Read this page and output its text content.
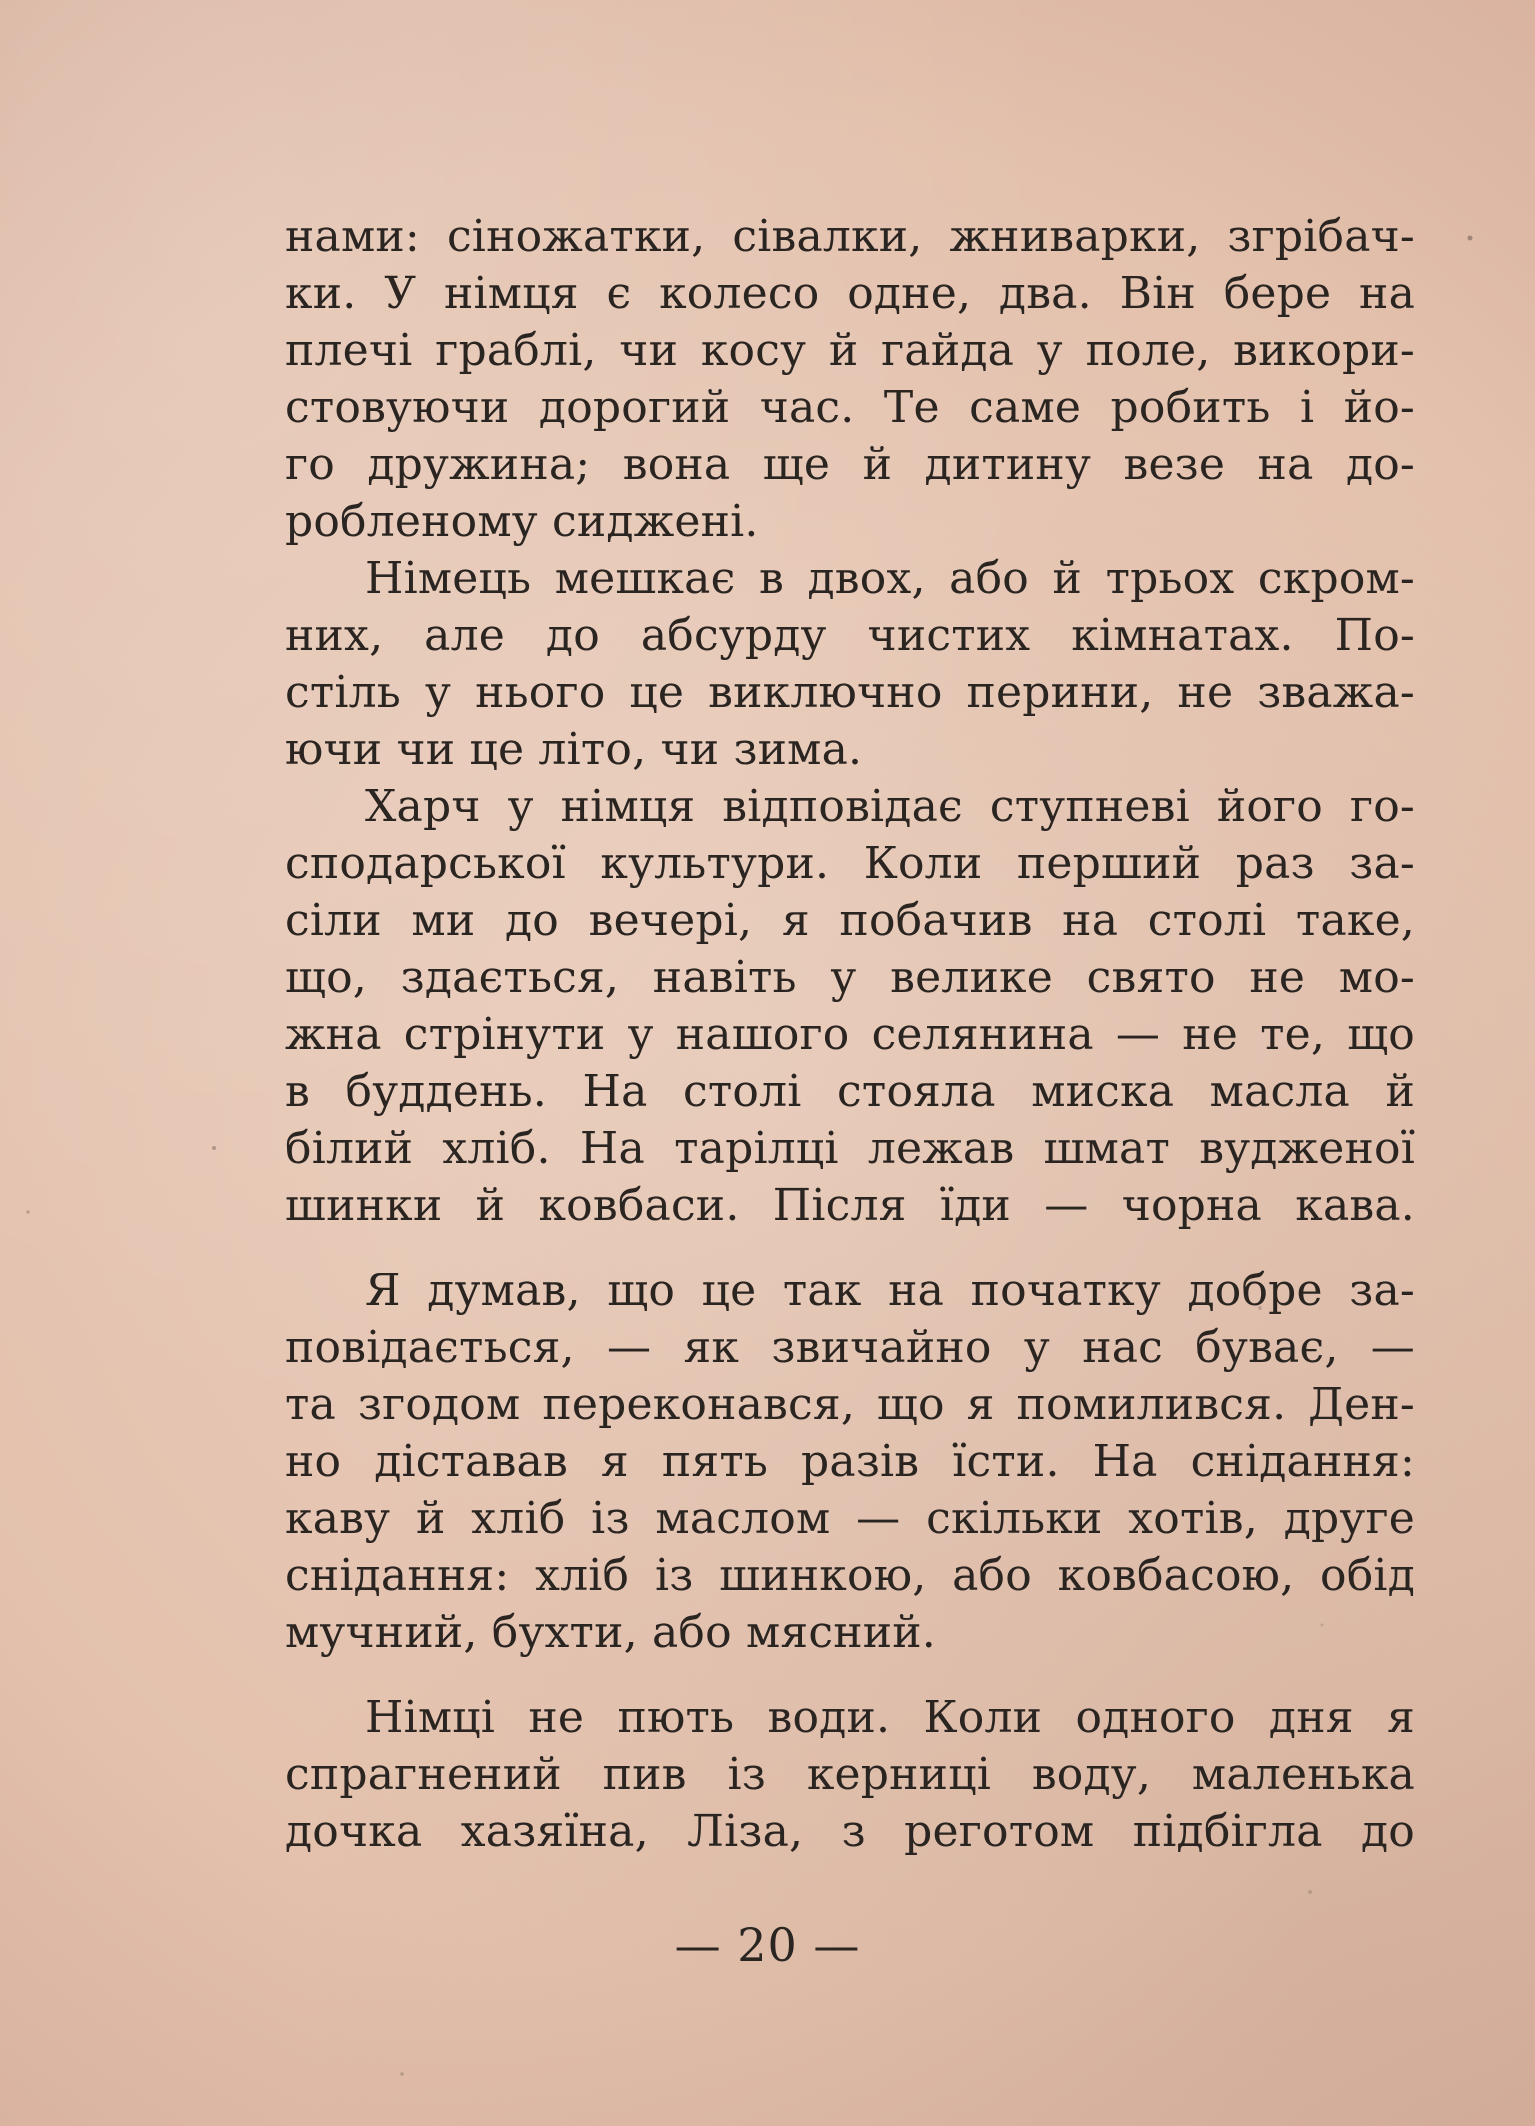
нами: сіножатки, сівалки, жниварки, згрібач-
ки. У німця є колесо одне, два. Він бере на
плечі граблі, чи косу й гайда у поле, викори-
стовуючи дорогий час. Те саме робить і йо-
го дружина; вона ще й дитину везе на до-
робленому сиджені.

Німець мешкає в двох, або й трьох скром-
них, але до абсурду чистих кімнатах. По-
стіль у нього це виключно перини, не зважа-
ючи чи це літо, чи зима.

Харч у німця відповідає ступневі його го-
сподарської культури. Коли перший раз за-
сіли ми до вечері, я побачив на столі таке,
що, здається, навіть у велике свято не мо-
жна стрінути у нашого селянина — не те, що
в буддень. На столі стояла миска масла й
білий хліб. На тарілці лежав шмат вудженої
шинки й ковбаси. Після їди — чорна кава.

Я думав, що це так на початку добре за-
повідається, — як звичайно у нас буває, —
та згодом переконався, що я помилився. Ден-
но діставав я пять разів їсти. На снідання:
каву й хліб із маслом — скільки хотів, друге
снідання: хліб із шинкою, або ковбасою, обід
мучний, бухти, або мясний.

Німці не пють води. Коли одного дня я
спрагнений пив із керниці воду, маленька
дочка хазяїна, Ліза, з реготом підбігла до

— 20 —
